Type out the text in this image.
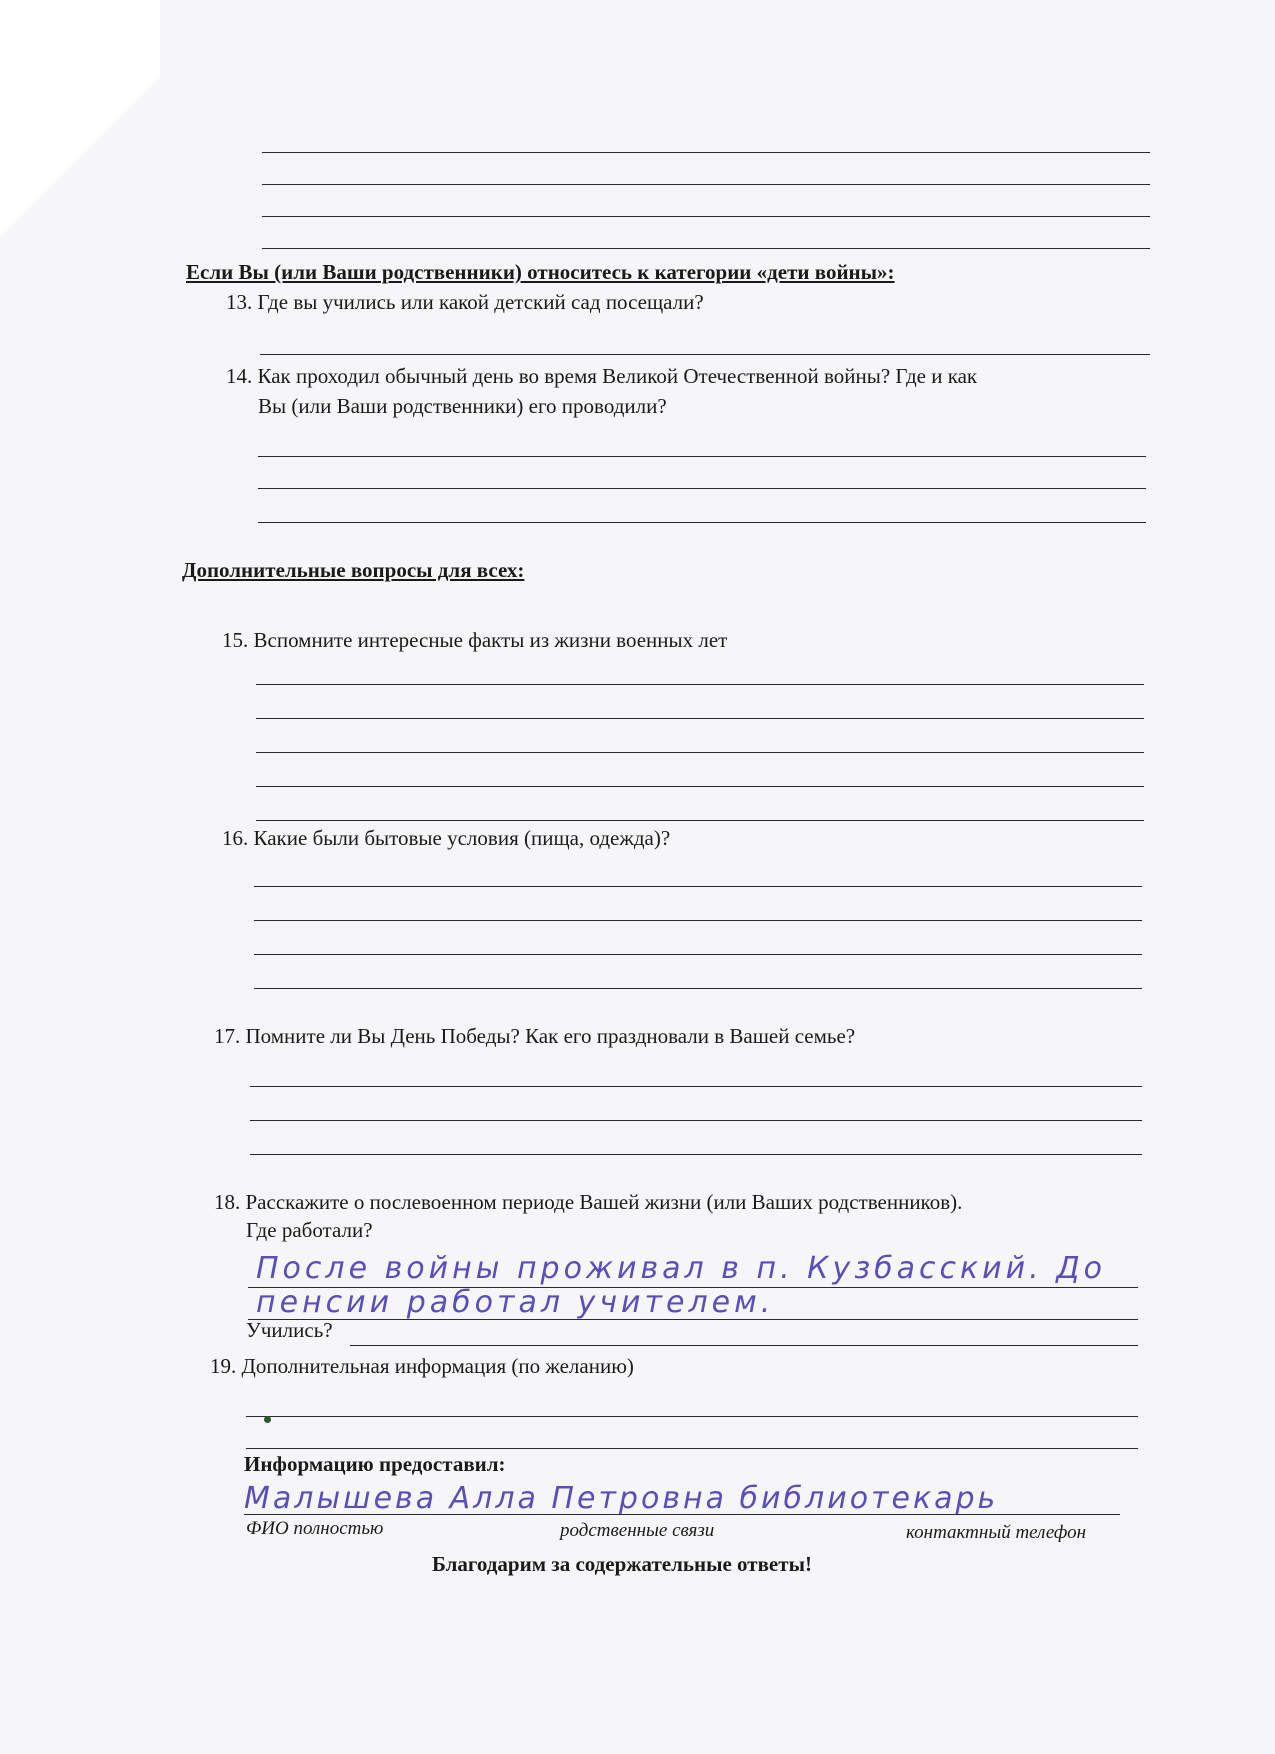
Если Вы (или Ваши родственники) относитесь к категории «дети войны»:
13. Где вы учились или какой детский сад посещали?
14. Как проходил обычный день во время Великой Отечественной войны? Где и как
Вы (или Ваши родственники) его проводили?
Дополнительные вопросы для всех:
15. Вспомните интересные факты из жизни военных лет
16. Какие были бытовые условия (пища, одежда)?
17. Помните ли Вы День Победы? Как его праздновали в Вашей семье?
18. Расскажите о послевоенном периоде Вашей жизни (или Ваших родственников).
Где работали?
После войны проживал в п. Кузбасский. До
пенсии работал учителем.
Учились?
19. Дополнительная информация (по желанию)
Информацию предоставил:
Малышева Алла Петровна библиотекарь
ФИО полностью	родственные связи	контактный телефон
Благодарим за содержательные ответы!
